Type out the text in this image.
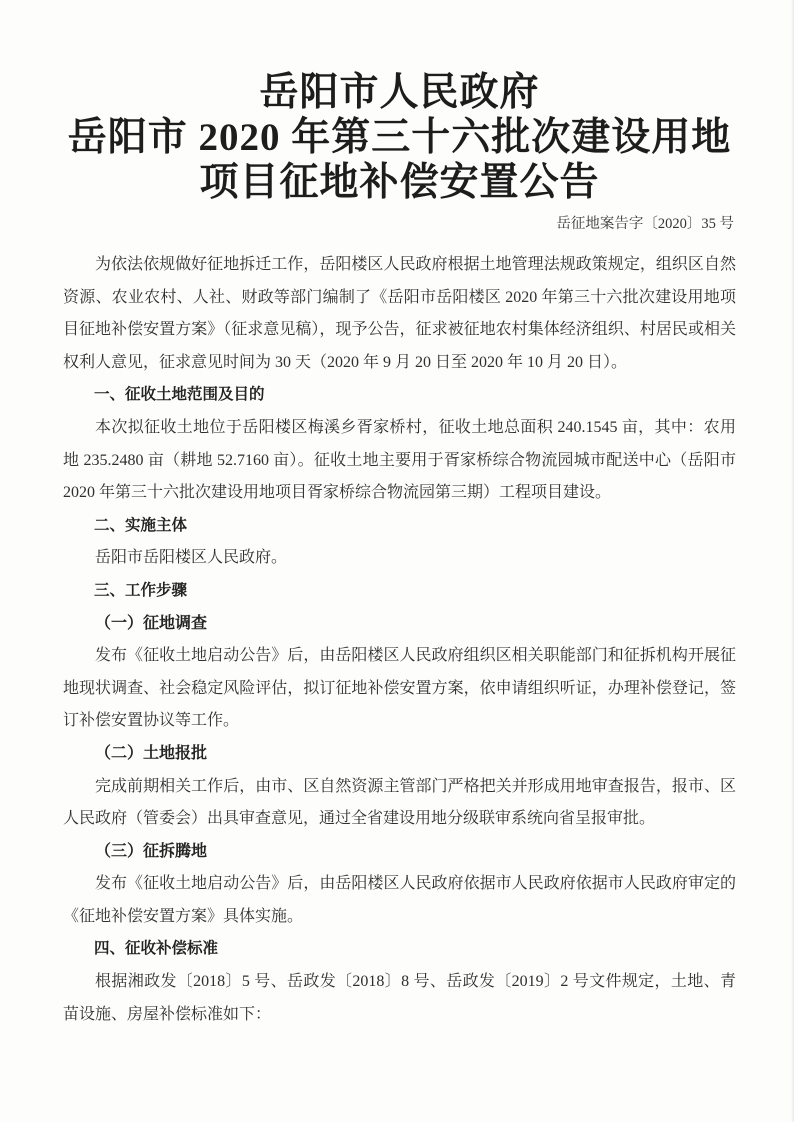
岳阳市人民政府
岳阳市 2020 年第三十六批次建设用地
项目征地补偿安置公告
岳征地案告字〔2020〕35 号

为依法依规做好征地拆迁工作，岳阳楼区人民政府根据土地管理法规政策规定，组织区自然资源、农业农村、人社、财政等部门编制了《岳阳市岳阳楼区 2020 年第三十六批次建设用地项目征地补偿安置方案》（征求意见稿），现予公告，征求被征地农村集体经济组织、村居民或相关权利人意见，征求意见时间为 30 天（2020 年 9 月 20 日至 2020 年 10 月 20 日）。

一、征收土地范围及目的

本次拟征收土地位于岳阳楼区梅溪乡胥家桥村，征收土地总面积 240.1545 亩，其中：农用地 235.2480 亩（耕地 52.7160 亩）。征收土地主要用于胥家桥综合物流园城市配送中心（岳阳市 2020 年第三十六批次建设用地项目胥家桥综合物流园第三期）工程项目建设。

二、实施主体

岳阳市岳阳楼区人民政府。

三、工作步骤

（一）征地调查

发布《征收土地启动公告》后，由岳阳楼区人民政府组织区相关职能部门和征拆机构开展征地现状调查、社会稳定风险评估，拟订征地补偿安置方案，依申请组织听证，办理补偿登记，签订补偿安置协议等工作。

（二）土地报批

完成前期相关工作后，由市、区自然资源主管部门严格把关并形成用地审查报告，报市、区人民政府（管委会）出具审查意见，通过全省建设用地分级联审系统向省呈报审批。

（三）征拆腾地

发布《征收土地启动公告》后，由岳阳楼区人民政府依据市人民政府依据市人民政府审定的《征地补偿安置方案》具体实施。

四、征收补偿标准

根据湘政发〔2018〕5 号、岳政发〔2018〕8 号、岳政发〔2019〕2 号文件规定，土地、青苗设施、房屋补偿标准如下：
